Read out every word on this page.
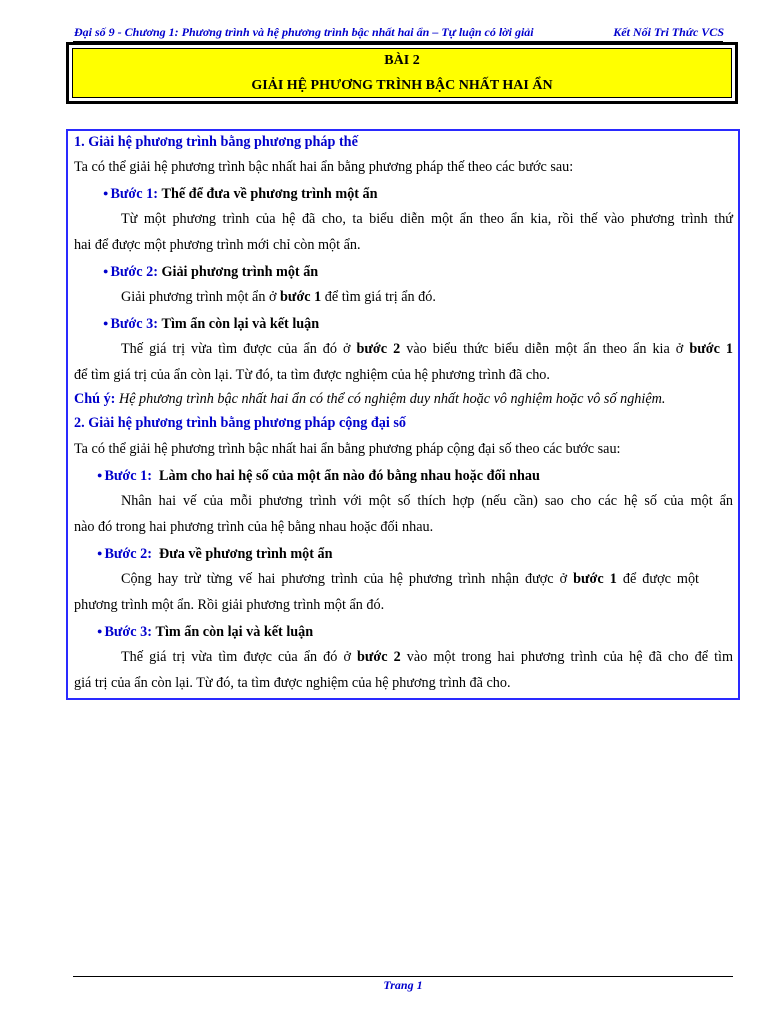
Đại số 9 - Chương 1: Phương trình và hệ phương trình bậc nhất hai ẩn – Tự luận có lời giải	Kết Nối Tri Thức VCS
BÀI 2
GIẢI HỆ PHƯƠNG TRÌNH BẬC NHẤT HAI ẨN
1. Giải hệ phương trình bằng phương pháp thế
Ta có thể giải hệ phương trình bậc nhất hai ẩn bằng phương pháp thế theo các bước sau:
● Bước 1: Thế để đưa về phương trình một ẩn
Từ một phương trình của hệ đã cho, ta biểu diễn một ẩn theo ẩn kia, rồi thế vào phương trình thứ
hai để được một phương trình mới chỉ còn một ẩn.
● Bước 2: Giải phương trình một ẩn
Giải phương trình một ẩn ở bước 1 để tìm giá trị ẩn đó.
● Bước 3: Tìm ẩn còn lại và kết luận
Thế giá trị vừa tìm được của ẩn đó ở bước 2 vào biểu thức biểu diễn một ẩn theo ẩn kia ở bước 1
để tìm giá trị của ẩn còn lại. Từ đó, ta tìm được nghiệm của hệ phương trình đã cho.
Chú ý: Hệ phương trình bậc nhất hai ẩn có thể có nghiệm duy nhất hoặc vô nghiệm hoặc vô số nghiệm.
2. Giải hệ phương trình bằng phương pháp cộng đại số
Ta có thể giải hệ phương trình bậc nhất hai ẩn bằng phương pháp cộng đại số theo các bước sau:
● Bước 1: Làm cho hai hệ số của một ẩn nào đó bằng nhau hoặc đối nhau
Nhân hai vế của mỗi phương trình với một số thích hợp (nếu cần) sao cho các hệ số của một ẩn
nào đó trong hai phương trình của hệ bằng nhau hoặc đối nhau.
● Bước 2: Đưa về phương trình một ẩn
Cộng hay trừ từng vế hai phương trình của hệ phương trình nhận được ở bước 1 để được một
phương trình một ẩn. Rồi giải phương trình một ẩn đó.
● Bước 3: Tìm ẩn còn lại và kết luận
Thế giá trị vừa tìm được của ẩn đó ở bước 2 vào một trong hai phương trình của hệ đã cho để tìm
giá trị của ẩn còn lại. Từ đó, ta tìm được nghiệm của hệ phương trình đã cho.
Trang 1
